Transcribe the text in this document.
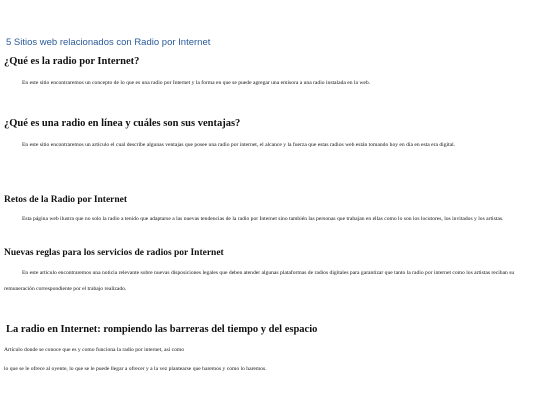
5 Sitios web relacionados con Radio por Internet
¿Qué es la radio por Internet?

En este sitio encontraremos un concepto de lo que es una radio por Internet y la forma en que se puede agregar una emisora a una radio instalada en la web.

¿Qué es una radio en línea y cuáles son sus ventajas?

En este sitio encontraremos un artículo el cual describe algunas ventajas que posee una radio por internet, el alcance y la fuerza que estas radios web están tomando hoy en día en esta era digital.

Retos de la Radio por Internet

Esta página web ilustra que no solo la radio a tenido que adaptarse a las nuevas tendencias de la radio por Internet sino también las personas que trabajan en ellas como lo son los locutores, los invitados y los artistas.

Nuevas reglas para los servicios de radios por Internet

En este artículo encontraremos una noticia relevante sobre nuevas disposiciones legales que deben atender algunas plataformas de radios digitales para garantizar que tanto la radio por internet como los artistas reciban su remuneración correspondiente por el trabajo realizado.

La radio en Internet: rompiendo las barreras del tiempo y del espacio

Artículo donde se conoce que es y como funciona la radio por internet, así como

lo que se le ofrece al oyente, lo que se le puede llegar a ofrecer y a la vez plantearse que haremos y como lo haremos.
